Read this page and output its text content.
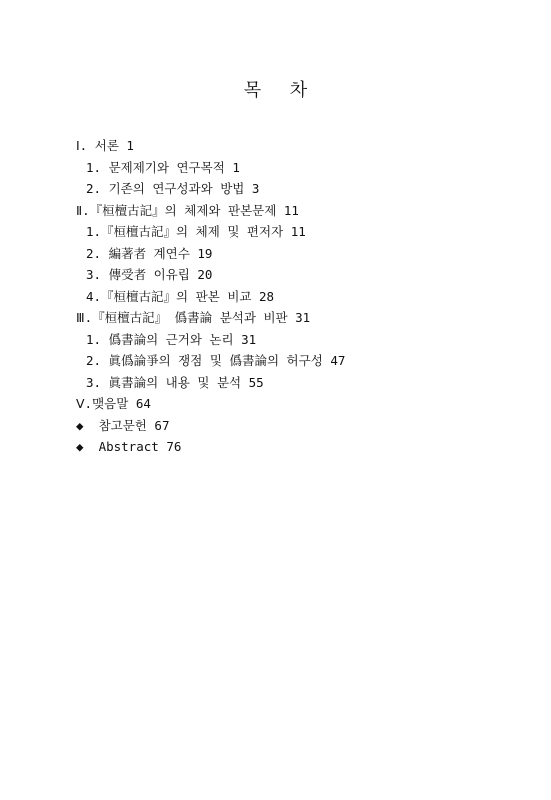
목     차
Ⅰ. 서론 1
1. 문제제기와 연구목적 1
2. 기존의 연구성과와 방법 3
Ⅱ.『桓檀古記』의 체제와 판본문제 11
1.『桓檀古記』의 체제 및 편저자 11
2. 編著者 계연수 19
3. 傳受者 이유립 20
4.『桓檀古記』의 판본 비교 28
Ⅲ.『桓檀古記』 僞書論 분석과 비판 31
1. 僞書論의 근거와 논리 31
2. 眞僞論爭의 쟁점 및 僞書論의 허구성 47
3. 眞書論의 내용 및 분석 55
Ⅴ.맺음말 64
◆  참고문헌 67
◆  Abstract 76
